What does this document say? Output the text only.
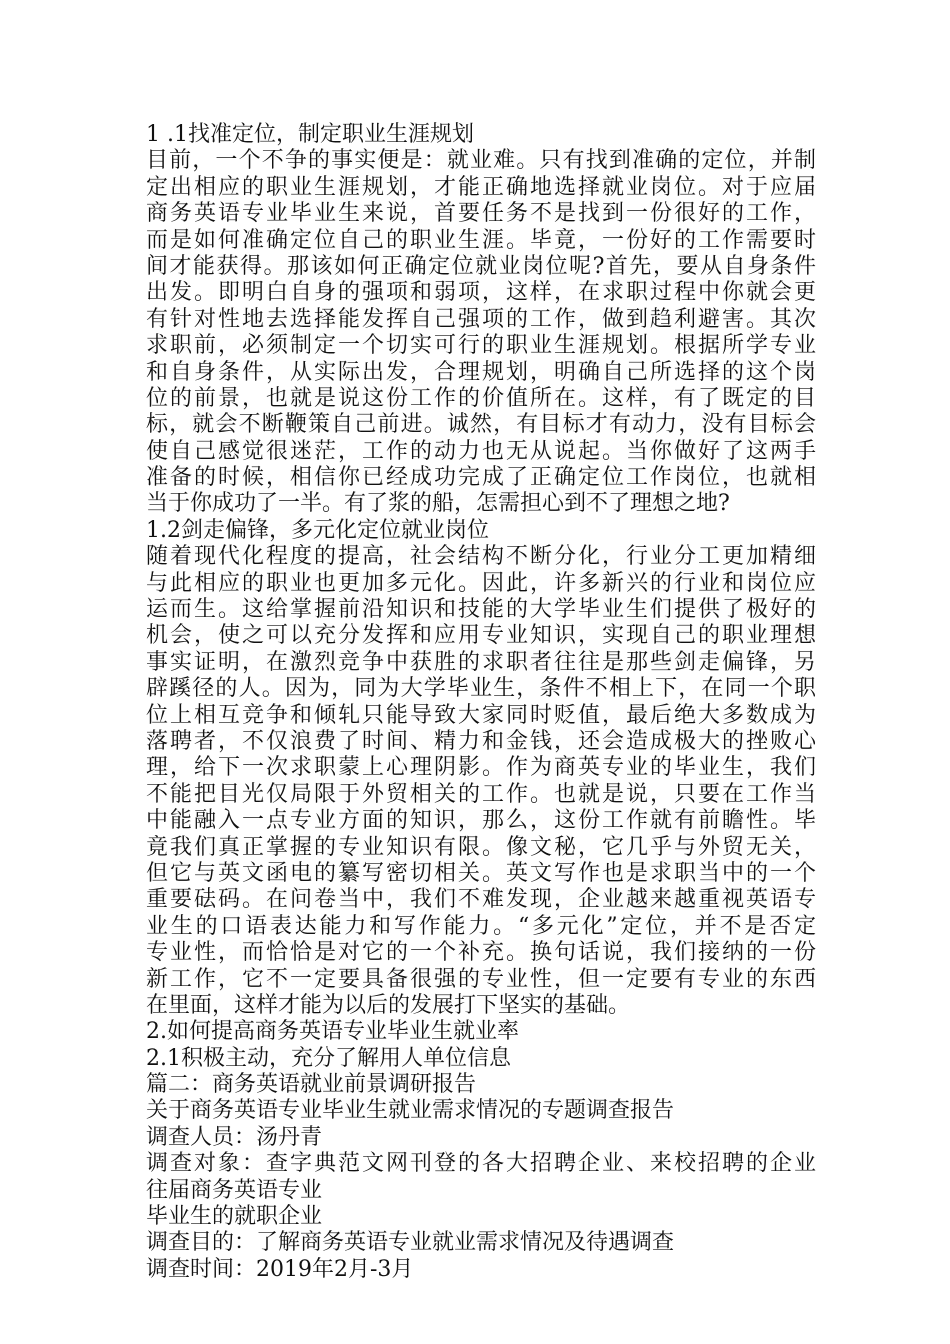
1 .1找准定位，制定职业生涯规划
目前，一个不争的事实便是：就业难。只有找到准确的定位，并制
定出相应的职业生涯规划，才能正确地选择就业岗位。对于应届
商务英语专业毕业生来说，首要任务不是找到一份很好的工作，
而是如何准确定位自己的职业生涯。毕竟，一份好的工作需要时
间才能获得。那该如何正确定位就业岗位呢?首先，要从自身条件
出发。即明白自身的强项和弱项，这样，在求职过程中你就会更
有针对性地去选择能发挥自己强项的工作，做到趋利避害。其次
求职前，必须制定一个切实可行的职业生涯规划。根据所学专业
和自身条件，从实际出发，合理规划，明确自己所选择的这个岗
位的前景，也就是说这份工作的价值所在。这样，有了既定的目
标，就会不断鞭策自己前进。诚然，有目标才有动力，没有目标会
使自己感觉很迷茫，工作的动力也无从说起。当你做好了这两手
准备的时候，相信你已经成功完成了正确定位工作岗位，也就相
当于你成功了一半。有了浆的船，怎需担心到不了理想之地?
1.2剑走偏锋，多元化定位就业岗位
随着现代化程度的提高，社会结构不断分化，行业分工更加精细
与此相应的职业也更加多元化。因此，许多新兴的行业和岗位应
运而生。这给掌握前沿知识和技能的大学毕业生们提供了极好的
机会，使之可以充分发挥和应用专业知识，实现自己的职业理想
事实证明，在激烈竞争中获胜的求职者往往是那些剑走偏锋，另
辟蹊径的人。因为，同为大学毕业生，条件不相上下，在同一个职
位上相互竞争和倾轧只能导致大家同时贬值，最后绝大多数成为
落聘者，不仅浪费了时间、精力和金钱，还会造成极大的挫败心
理，给下一次求职蒙上心理阴影。作为商英专业的毕业生，我们
不能把目光仅局限于外贸相关的工作。也就是说，只要在工作当
中能融入一点专业方面的知识，那么，这份工作就有前瞻性。毕
竟我们真正掌握的专业知识有限。像文秘，它几乎与外贸无关，
但它与英文函电的纂写密切相关。英文写作也是求职当中的一个
重要砝码。在问卷当中，我们不难发现，企业越来越重视英语专
业生的口语表达能力和写作能力。“多元化”定位，并不是否定
专业性，而恰恰是对它的一个补充。换句话说，我们接纳的一份
新工作，它不一定要具备很强的专业性，但一定要有专业的东西
在里面，这样才能为以后的发展打下坚实的基础。
2.如何提高商务英语专业毕业生就业率
2.1积极主动，充分了解用人单位信息
篇二：商务英语就业前景调研报告
关于商务英语专业毕业生就业需求情况的专题调查报告
调查人员：汤丹青
调查对象：查字典范文网刊登的各大招聘企业、来校招聘的企业
往届商务英语专业
毕业生的就职企业
调查目的：了解商务英语专业就业需求情况及待遇调查
调查时间：2019年2月-3月
